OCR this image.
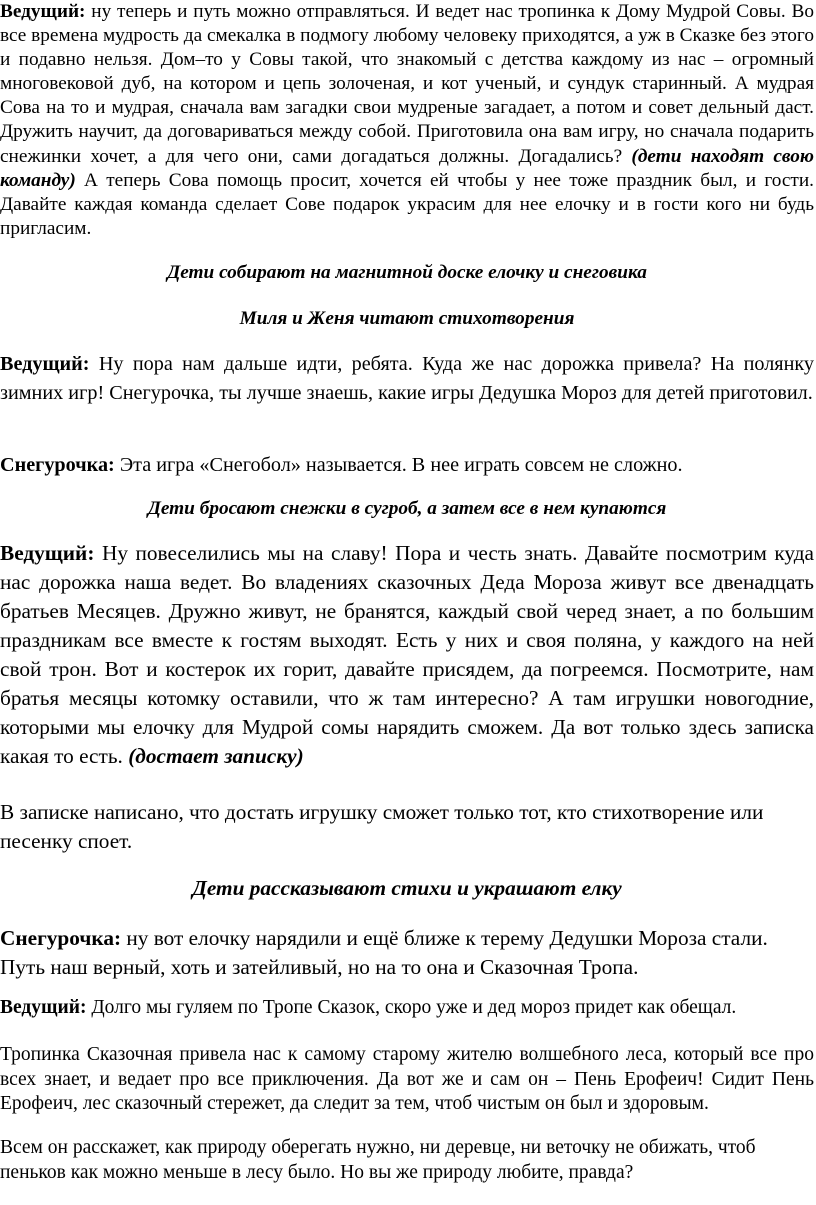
Ведущий: ну теперь и путь можно отправляться. И ведет нас тропинка к Дому Мудрой Совы. Во все времена мудрость да смекалка в подмогу любому человеку приходятся, а уж в Сказке без этого и подавно нельзя. Дом–то у Совы такой, что знакомый с детства каждому из нас – огромный многовековой дуб, на котором и цепь золоченая, и кот ученый, и сундук старинный. А мудрая Сова на то и мудрая, сначала вам загадки свои мудреные загадает, а потом и совет дельный даст. Дружить научит, да договариваться между собой. Приготовила она вам игру, но сначала подарить снежинки хочет, а для чего они, сами догадаться должны. Догадались? (дети находят свою команду) А теперь Сова помощь просит, хочется ей чтобы у нее тоже праздник был, и гости. Давайте каждая команда сделает Сове подарок украсим для нее елочку и в гости кого ни будь пригласим.

Дети собирают на магнитной доске елочку и снеговика

Миля и Женя читают стихотворения

Ведущий: Ну пора нам дальше идти, ребята. Куда же нас дорожка привела? На полянку зимних игр! Снегурочка, ты лучше знаешь, какие игры Дедушка Мороз для детей приготовил.

Снегурочка: Эта игра «Снегобол» называется. В нее играть совсем не сложно.

Дети бросают снежки в сугроб, а затем все в нем купаются

Ведущий: Ну повеселились мы на славу! Пора и честь знать. Давайте посмотрим куда нас дорожка наша ведет. Во владениях сказочных Деда Мороза живут все двенадцать братьев Месяцев. Дружно живут, не бранятся, каждый свой черед знает, а по большим праздникам все вместе к гостям выходят. Есть у них и своя поляна, у каждого на ней свой трон. Вот и костерок их горит, давайте присядем, да погреемся. Посмотрите, нам братья месяцы котомку оставили, что ж там интересно? А там игрушки новогодние, которыми мы елочку для Мудрой сомы нарядить сможем. Да вот только здесь записка какая то есть. (достает записку)

В записке написано, что достать игрушку сможет только тот, кто стихотворение или песенку споет.

Дети рассказывают стихи и украшают елку

Снегурочка: ну вот елочку нарядили и ещё ближе к терему Дедушки Мороза стали. Путь наш верный, хоть и затейливый, но на то она и Сказочная Тропа.

Ведущий: Долго мы гуляем по Тропе Сказок, скоро уже и дед мороз придет как обещал.

Тропинка Сказочная привела нас к самому старому жителю волшебного леса, который все про всех знает, и ведает про все приключения. Да вот же и сам он – Пень Ерофеич! Сидит Пень Ерофеич, лес сказочный стережет, да следит за тем, чтоб чистым он был и здоровым.

Всем он расскажет, как природу оберегать нужно, ни деревце, ни веточку не обижать, чтоб пеньков как можно меньше в лесу было. Но вы же природу любите, правда?
